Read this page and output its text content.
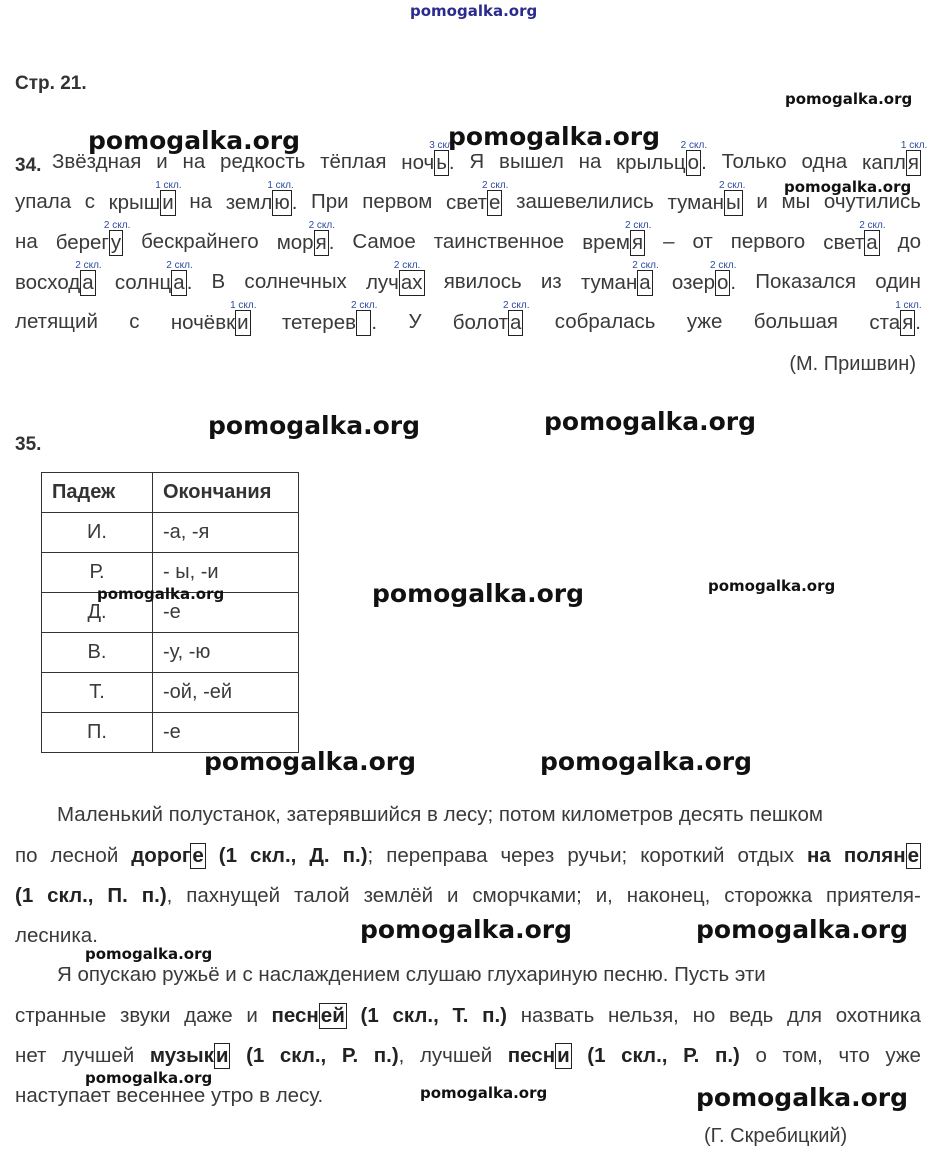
pomogalka.org
Стр. 21.
34. Звёздная и на редкость тёплая ночь
3 скл.
. Я вышел на крыльцо
2 скл.
. Только одна капля
1 скл.
упала с крыши
1 скл.
на землю
1 скл.
. При первом свете
2 скл.
зашевелились туманы
2 скл.
и мы очутились
на берегу
2 скл.
бескрайнего моря
2 скл.
. Самое таинственное время
2 скл.
– от первого света
2 скл.
до
восхода
2 скл.
солнца
2 скл.
. В солнечных лучах
2 скл.
явилось из тумана
2 скл.
озеро
2 скл.
. Показался один
летящий с ночёвки
1 скл.
тетерев
2 скл.
. У болота
2 скл.
собралась уже большая стая
1 скл.
.
(М. Пришвин)
35.
Падеж	Окончания
И.	-а, -я
Р.	- ы, -и
Д.	-е
В.	-у, -ю
Т.	-ой, -ей
П.	-е
Маленький полустанок, затерявшийся в лесу; потом километров десять пешком
по лесной дороге (1 скл., Д. п.); переправа через ручьи; короткий отдых на поляне
(1 скл., П. п.), пахнущей талой землёй и сморчками; и, наконец, сторожка приятеля-
лесника.
Я опускаю ружьё и с наслаждением слушаю глухариную песню. Пусть эти
странные звуки даже и песней (1 скл., Т. п.) назвать нельзя, но ведь для охотника
нет лучшей музыки (1 скл., Р. п.), лучшей песни (1 скл., Р. п.) о том, что уже
наступает весеннее утро в лесу.
(Г. Скребицкий)
pomogalka.org
pomogalka.org	pomogalka.org
pomogalka.org
pomogalka.org	pomogalka.org
pomogalka.org	pomogalka.org	pomogalka.org
pomogalka.org	pomogalka.org
pomogalka.org	pomogalka.org
pomogalka.org
pomogalka.org
pomogalka.org	pomogalka.org
